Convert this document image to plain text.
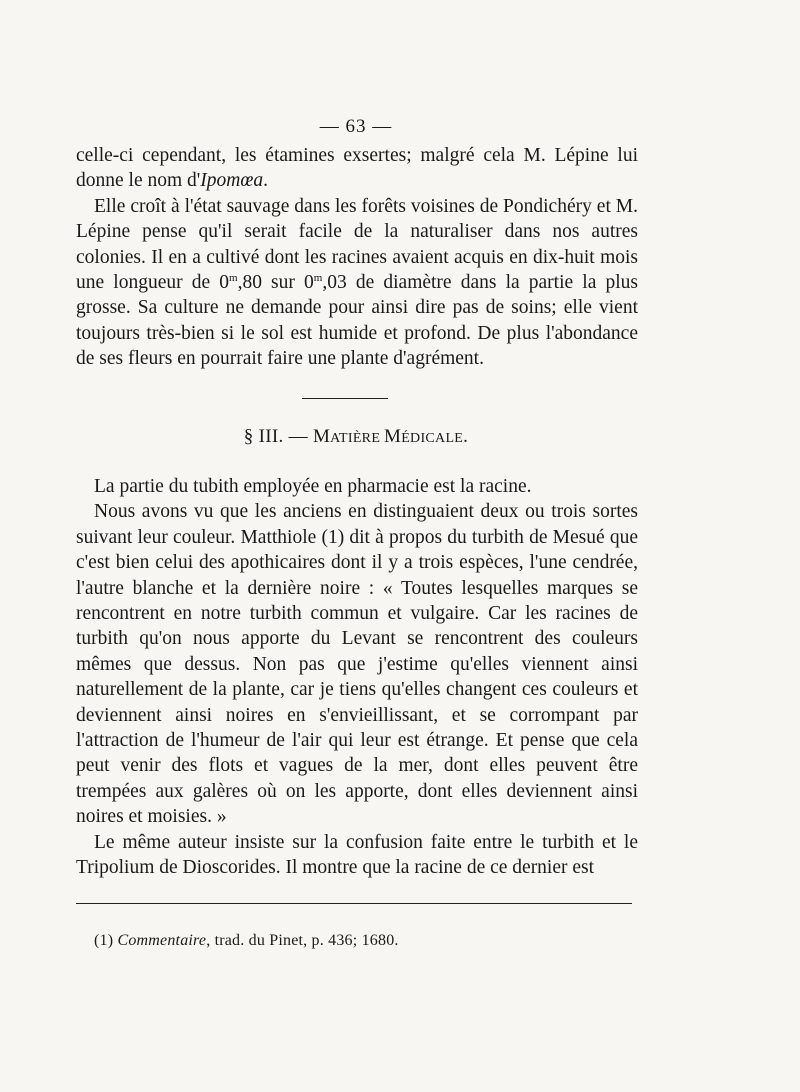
— 63 —

celle-ci cependant, les étamines exsertes; malgré cela M. Lépine lui donne le nom d'Ipomœa.

Elle croît à l'état sauvage dans les forêts voisines de Pondichéry et M. Lépine pense qu'il serait facile de la naturaliser dans nos autres colonies. Il en a cultivé dont les racines avaient acquis en dix-huit mois une longueur de 0$^m$,80 sur 0$^m$,03 de diamètre dans la partie la plus grosse. Sa culture ne demande pour ainsi dire pas de soins; elle vient toujours très-bien si le sol est humide et profond. De plus l'abondance de ses fleurs en pourrait faire une plante d'agrément.

§ III. — MATIÈRE MÉDICALE.

La partie du tubith employée en pharmacie est la racine.

Nous avons vu que les anciens en distinguaient deux ou trois sortes suivant leur couleur. Matthiole (1) dit à propos du turbith de Mesué que c'est bien celui des apothicaires dont il y a trois espèces, l'une cendrée, l'autre blanche et la dernière noire : « Toutes lesquelles marques se rencontrent en notre turbith commun et vulgaire. Car les racines de turbith qu'on nous apporte du Levant se rencontrent des couleurs mêmes que dessus. Non pas que j'estime qu'elles viennent ainsi naturellement de la plante, car je tiens qu'elles changent ces couleurs et deviennent ainsi noires en s'envieillissant, et se corrompant par l'attraction de l'humeur de l'air qui leur est étrange. Et pense que cela peut venir des flots et vagues de la mer, dont elles peuvent être trempées aux galères où on les apporte, dont elles deviennent ainsi noires et moisies. »

Le même auteur insiste sur la confusion faite entre le turbith et le Tripolium de Dioscorides. Il montre que la racine de ce dernier est

(1) Commentaire, trad. du Pinet, p. 436; 1680.
